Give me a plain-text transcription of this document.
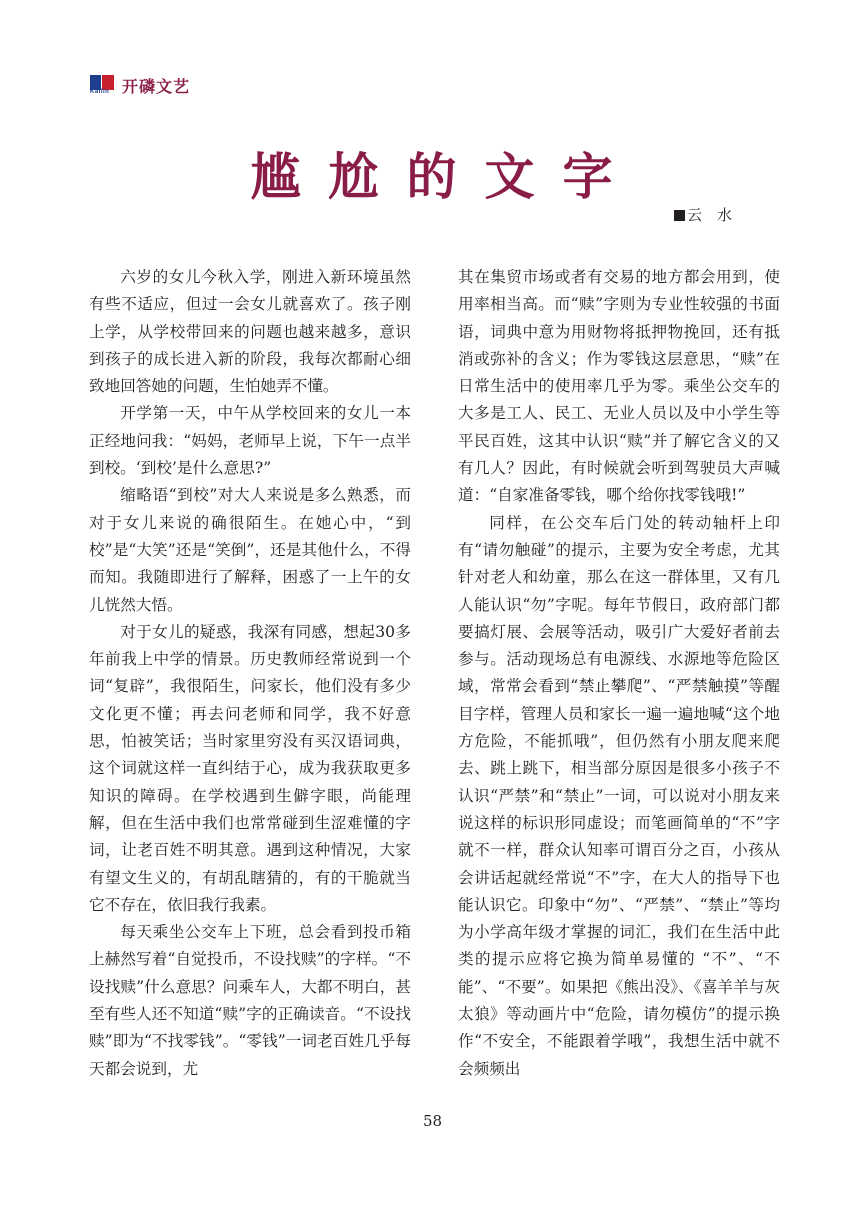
Kailin 开磷文艺
尴尬的文字
云　水

六岁的女儿今秋入学，刚进入新环境虽然有些不适应，但过一会女儿就喜欢了。孩子刚上学，从学校带回来的问题也越来越多，意识到孩子的成长进入新的阶段，我每次都耐心细致地回答她的问题，生怕她弄不懂。

开学第一天，中午从学校回来的女儿一本正经地问我：“妈妈，老师早上说，下午一点半到校。‘到校’是什么意思?”

缩略语“到校”对大人来说是多么熟悉，而对于女儿来说的确很陌生。在她心中，“到校”是“大笑”还是“笑倒”，还是其他什么，不得而知。我随即进行了解释，困惑了一上午的女儿恍然大悟。

对于女儿的疑惑，我深有同感，想起30多年前我上中学的情景。历史教师经常说到一个词“复辟”，我很陌生，问家长，他们没有多少文化更不懂；再去问老师和同学，我不好意思，怕被笑话；当时家里穷没有买汉语词典，这个词就这样一直纠结于心，成为我获取更多知识的障碍。在学校遇到生僻字眼，尚能理解，但在生活中我们也常常碰到生涩难懂的字词，让老百姓不明其意。遇到这种情况，大家有望文生义的，有胡乱瞎猜的，有的干脆就当它不存在，依旧我行我素。

每天乘坐公交车上下班，总会看到投币箱上赫然写着“自觉投币，不设找赎”的字样。“不设找赎”什么意思？问乘车人，大都不明白，甚至有些人还不知道“赎”字的正确读音。“不设找赎”即为“不找零钱”。“零钱”一词老百姓几乎每天都会说到，尤

其在集贸市场或者有交易的地方都会用到，使用率相当高。而“赎”字则为专业性较强的书面语，词典中意为用财物将抵押物挽回，还有抵消或弥补的含义；作为零钱这层意思，“赎”在日常生活中的使用率几乎为零。乘坐公交车的大多是工人、民工、无业人员以及中小学生等平民百姓，这其中认识“赎”并了解它含义的又有几人？因此，有时候就会听到驾驶员大声喊道：“自家准备零钱，哪个给你找零钱哦!”

同样，在公交车后门处的转动轴杆上印有“请勿触碰”的提示，主要为安全考虑，尤其针对老人和幼童，那么在这一群体里，又有几人能认识“勿”字呢。每年节假日，政府部门都要搞灯展、会展等活动，吸引广大爱好者前去参与。活动现场总有电源线、水源地等危险区域，常常会看到“禁止攀爬”、“严禁触摸”等醒目字样，管理人员和家长一遍一遍地喊“这个地方危险，不能抓哦”，但仍然有小朋友爬来爬去、跳上跳下，相当部分原因是很多小孩子不认识“严禁”和“禁止”一词，可以说对小朋友来说这样的标识形同虚设；而笔画简单的“不”字就不一样，群众认知率可谓百分之百，小孩从会讲话起就经常说“不”字，在大人的指导下也能认识它。印象中“勿”、“严禁”、“禁止”等均为小学高年级才掌握的词汇，我们在生活中此类的提示应将它换为简单易懂的 “不”、“不能”、“不要”。如果把《熊出没》、《喜羊羊与灰太狼》等动画片中“危险，请勿模仿”的提示换作“不安全，不能跟着学哦”，我想生活中就不会频频出

58
